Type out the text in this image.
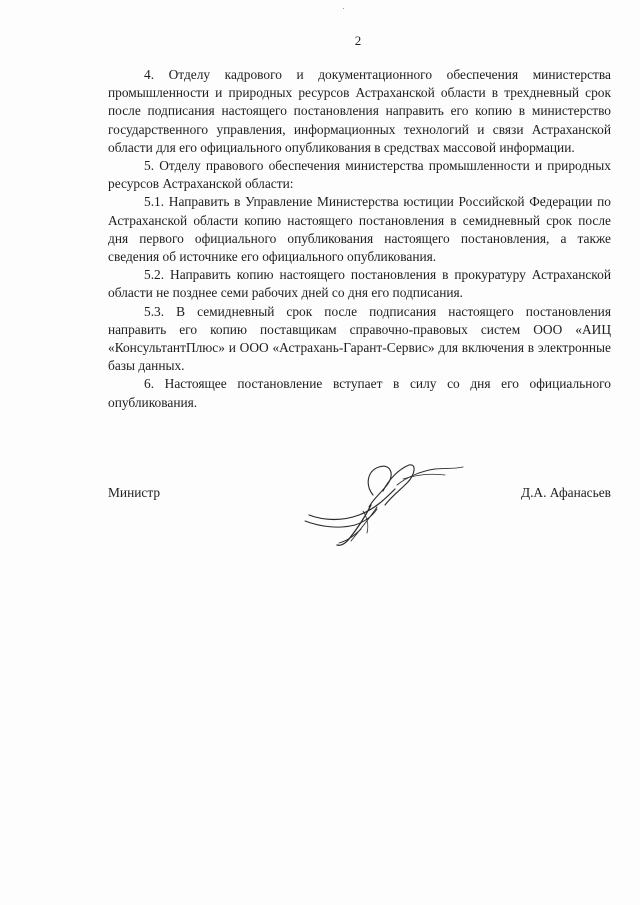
2

4. Отделу кадрового и документационного обеспечения министерства промышленности и природных ресурсов Астраханской области в трехдневный срок после подписания настоящего постановления направить его копию в министерство государственного управления, информационных технологий и связи Астраханской области для его официального опубликования в средствах массовой информации.

5. Отделу правового обеспечения министерства промышленности и природных ресурсов Астраханской области:

5.1. Направить в Управление Министерства юстиции Российской Федерации по Астраханской области копию настоящего постановления в семидневный срок после дня первого официального опубликования настоящего постановления, а также сведения об источнике его официального опубликования.

5.2. Направить копию настоящего постановления в прокуратуру Астраханской области не позднее семи рабочих дней со дня его подписания.

5.3. В семидневный срок после подписания настоящего постановления направить его копию поставщикам справочно-правовых систем ООО «АИЦ «КонсультантПлюс» и ООО «Астрахань-Гарант-Сервис» для включения в электронные базы данных.

6. Настоящее постановление вступает в силу со дня его официального опубликования.

Министр	Д.А. Афанасьев
